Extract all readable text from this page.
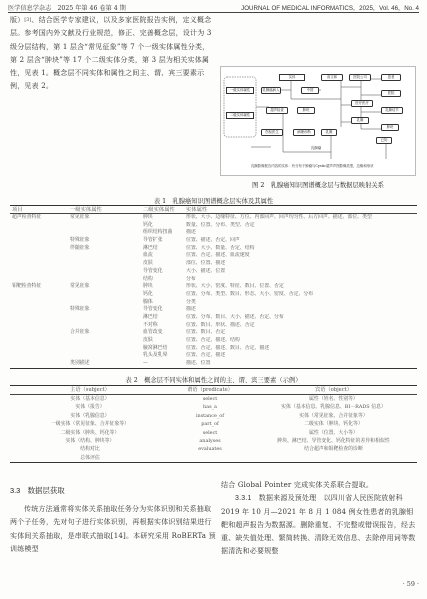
医学信息学杂志　2025 年第 46 卷第 4 期	JOURNAL OF MEDICAL INFORMATICS，2025，Vol. 46，No. 4
版）[3]、结合医学专家建议，以及多家医院报告实例，定义概念层。参考国内外文献及行业规范，修正、完善概念层，设计为 3 级分层结构，第 1 层含“常见征象”等 7 个一级实体属性分类，第 2 层含“肿块”等 17 个二级实体分类，第 3 层为相关实体属性，见表 1。概念层不同实体和属性之间主、谓、宾三要素示例，见表 2。	一级实体属性
二级实体属性
实体
乳腺癌病人	中国
高文林	医院公司	患者
医院
医疗医疗
乳腺结节
超声检查	肿块
乳腺
肿块
伤检医生	病理诊断	乳腺
已知
乳腺瘤
乳腺影像报告内容的实体：有分布于肿瘤与Cystic超声声图影像类型，边缘和形状
图 2　乳腺癌知识图谱概念层与数据层映射关系
表 1　乳腺癌知识图谱概念层实体及其属性
项目	一级实体属性	二级实体属性	实体属性
超声检查特征	常见征象	肿块	形状、大小、边缘特征、方位、内部回声、回声均匀性、后方回声、描述、部位、类型
钙化	数量、位置、分布、类型、否定
组织结构扭曲	描述
特殊征象	导管扩张	位置、描述、否定、回声
伴随征象	淋巴结	位置、大小、数量、否定、结构
血流	位置、否定、描述、血流速度
皮肤	部位、位置、描述
导管变化	大小、描述、位置
结构	分布
钼靶检查特征	常见征象	肿块	形状、大小、密度、特征、数目、位置、否定
钙化	位置、分布、类型、数目、形态、大小、密度、否定、分布
腺体	分类
特殊征象	导管变化	描述
淋巴结	位置、分布、数目、大小、描述、否定、分布
不对称	位置、数目、形状、描述、否定
合并征象	血管改变	位置、数目、否定
皮肤	位置、否定、描述、结构
腋窝淋巴结	位置、否定、描述、数目、否定、描述
乳头及乳晕	位置、否定、描述
类别描述	—	描述、位置
表 2　概念层不同实体和属性之间的主、谓、宾三要素（示例）
主语（subject）	谓语（predicate）	宾语（object）
实体（基本信息）	select	属性（姓名、性别等）
实体（报告）	has_a	实体（基本信息、乳腺信息、BI－RADS 信息）
实体（乳腺信息）	instance_of	实体（常见征象、合并征象等）
一级实体（常见征象、合并征象等）	part_of	二级实体（肿块、钙化等）
二级实体（肿块、钙化等）	select	属性（位置、大小等）
实体（结构、肿块等）	analyses	肿块、淋巴结、导管变化、钙化特征的差异和相似性
结构对比	evaluates	结合超声和钼靶检查的诊断
总体评估
3.3　数据层获取
传统方法通常将实体关系抽取任务分为实体识别和关系抽取两个子任务，先对句子进行实体识别，再根据实体识别结果进行实体间关系抽取，是串联式抽取[14]。本研究采用 RoBERTa 预训练模型
结合 Global Pointer 完成实体关系联合提取。
3.3.1　数据来源及预处理　 以四川省人民医院放射科 2019 年 10 月—2021 年 8 月 1 084 例女性患者的乳腺钼靶和超声报告为数据源。删除重复、不完整或错误报告，经去重、缺失值处理、繁简转换、清除无效信息、去除停用词等数据清洗和必要规整
· 59 ·
